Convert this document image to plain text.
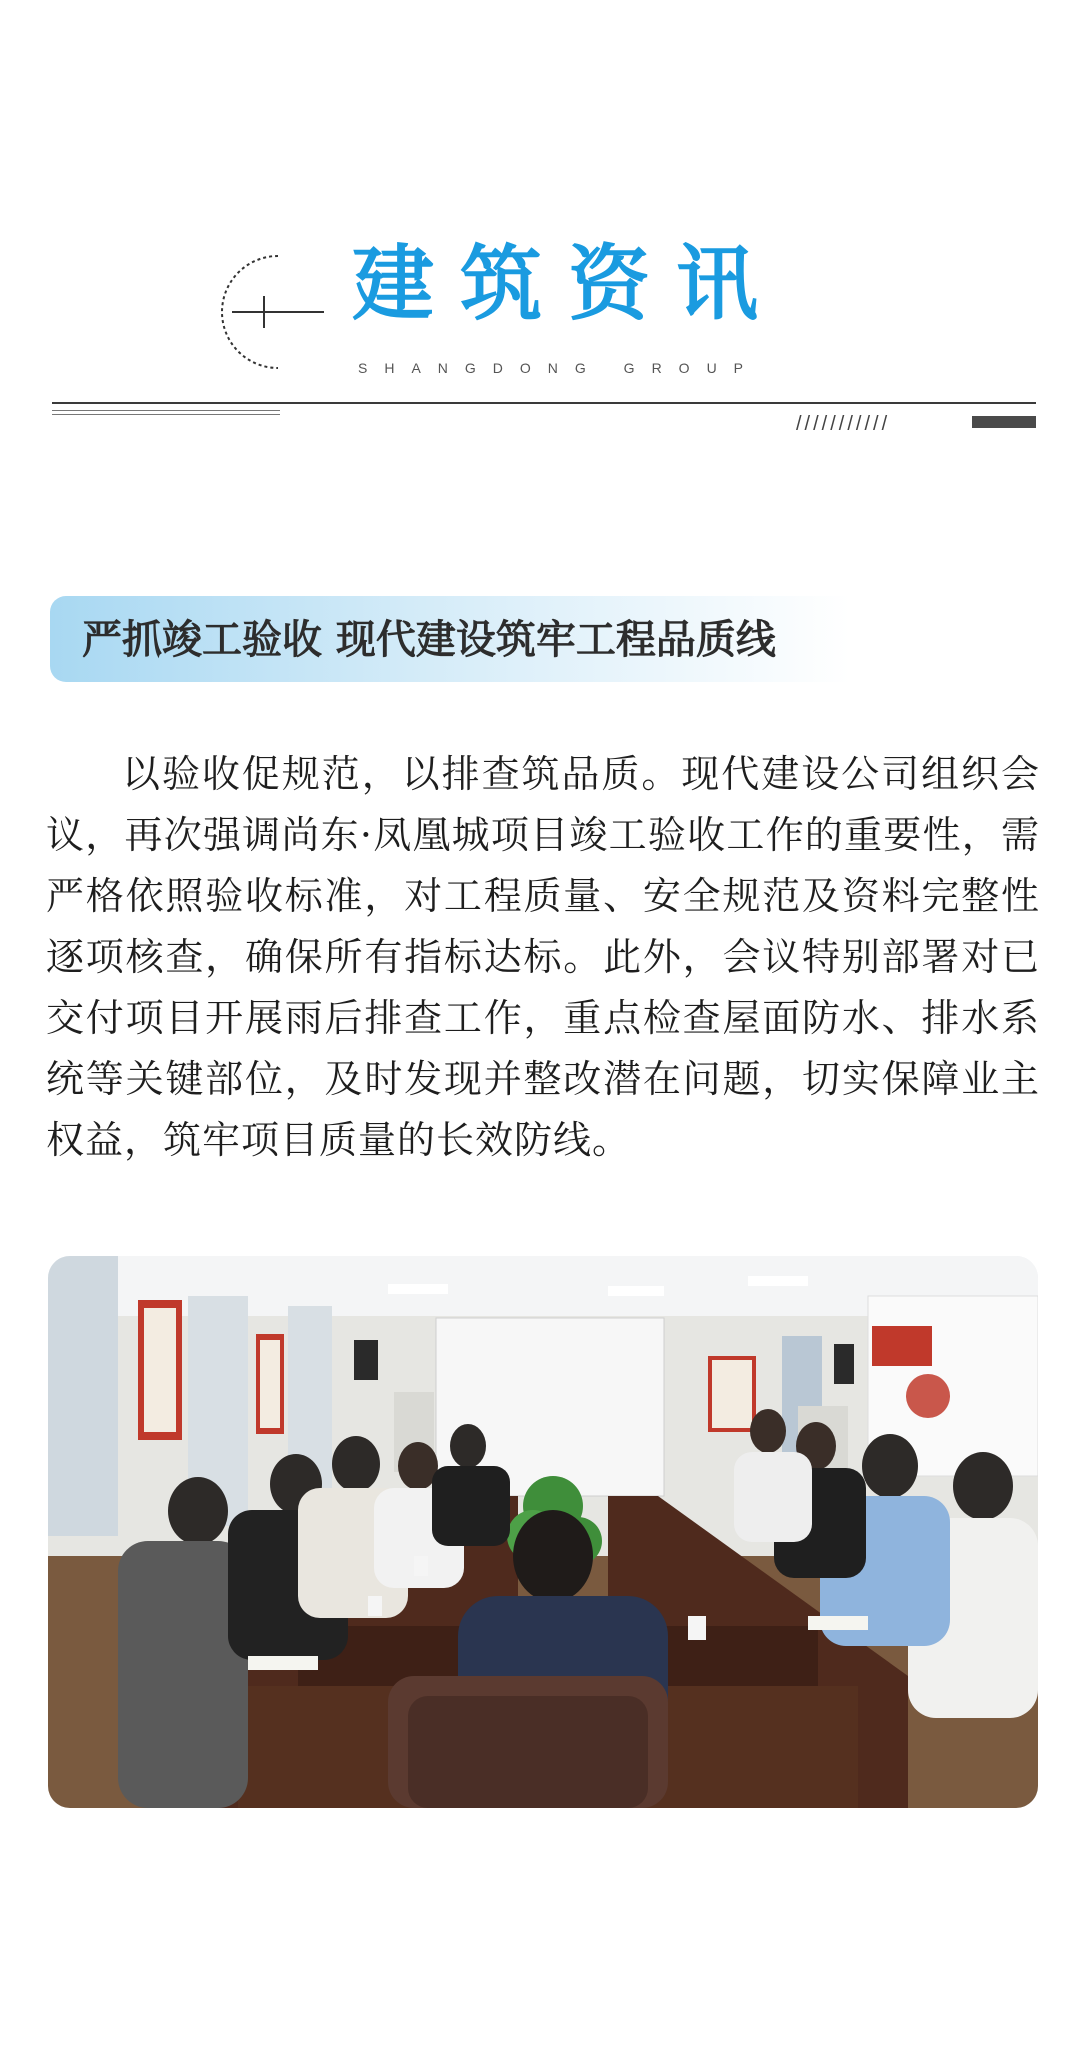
建筑资讯
SHANGDONG GROUP
///////////
严抓竣工验收 现代建设筑牢工程品质线
以验收促规范，以排查筑品质。现代建设公司组织会议，再次强调尚东·凤凰城项目竣工验收工作的重要性，需严格依照验收标准，对工程质量、安全规范及资料完整性逐项核查，确保所有指标达标。此外，会议特别部署对已交付项目开展雨后排查工作，重点检查屋面防水、排水系统等关键部位，及时发现并整改潜在问题，切实保障业主权益，筑牢项目质量的长效防线。
